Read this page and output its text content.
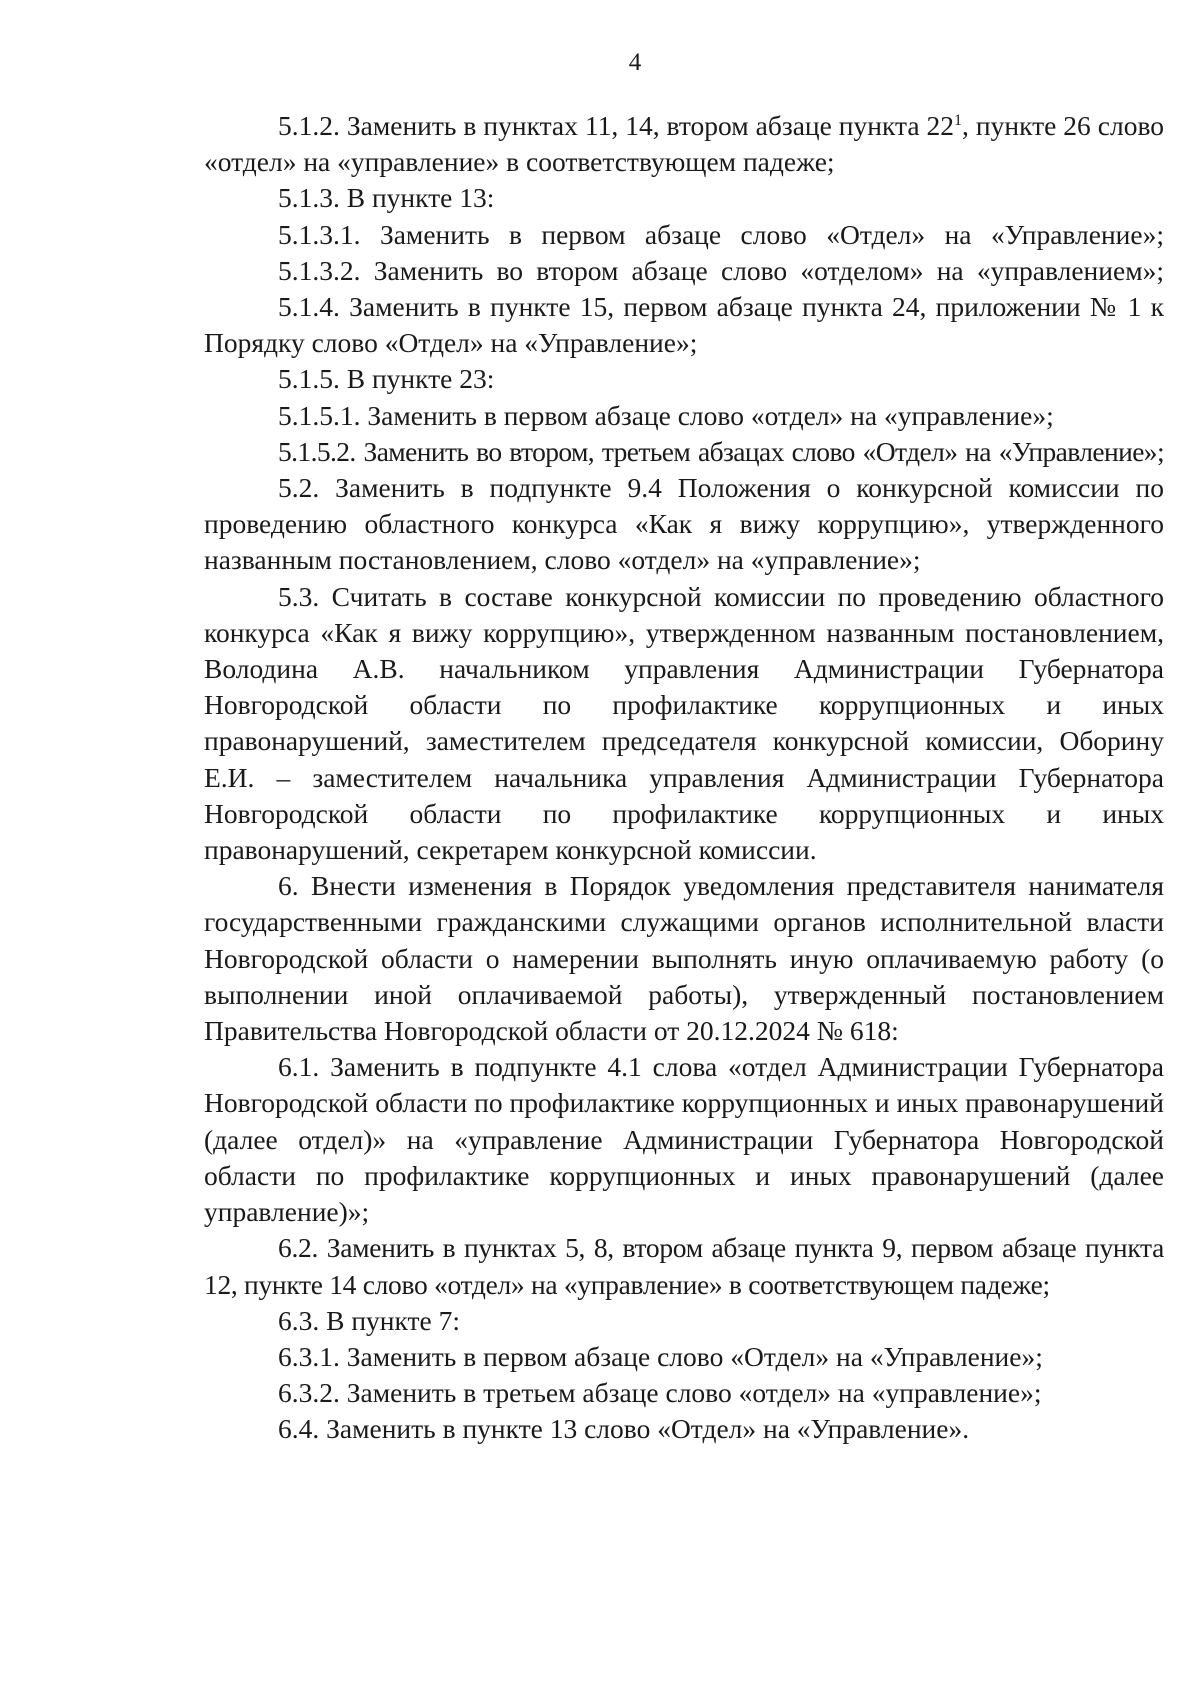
4

5.1.2. Заменить в пунктах 11, 14, втором абзаце пункта $22^1$, пункте 26 слово «отдел» на «управление» в соответствующем падеже;

5.1.3. В пункте 13:

5.1.3.1. Заменить в первом абзаце слово «Отдел» на «Управление»;

5.1.3.2. Заменить во втором абзаце слово «отделом» на «управлением»;

5.1.4. Заменить в пункте 15, первом абзаце пункта 24, приложении № 1 к Порядку слово «Отдел» на «Управление»;

5.1.5. В пункте 23:

5.1.5.1. Заменить в первом абзаце слово «отдел» на «управление»;

5.1.5.2. Заменить во втором, третьем абзацах слово «Отдел» на «Управление»;

5.2. Заменить в подпункте 9.4 Положения о конкурсной комиссии по проведению областного конкурса «Как я вижу коррупцию», утвержденного названным постановлением, слово «отдел» на «управление»;

5.3. Считать в составе конкурсной комиссии по проведению областного конкурса «Как я вижу коррупцию», утвержденном названным постановлением, Володина А.В. начальником управления Администрации Губернатора Новгородской области по профилактике коррупционных и иных правонарушений, заместителем председателя конкурсной комиссии, Оборину Е.И. – заместителем начальника управления Администрации Губернатора Новгородской области по профилактике коррупционных и иных правонарушений, секретарем конкурсной комиссии.

6. Внести изменения в Порядок уведомления представителя нанимателя государственными гражданскими служащими органов исполнительной власти Новгородской области о намерении выполнять иную оплачиваемую работу (о выполнении иной оплачиваемой работы), утвержденный постановлением Правительства Новгородской области от 20.12.2024 № 618:

6.1. Заменить в подпункте 4.1 слова «отдел Администрации Губернатора Новгородской области по профилактике коррупционных и иных правонарушений (далее отдел)» на «управление Администрации Губернатора Новгородской области по профилактике коррупционных и иных правонарушений (далее управление)»;

6.2. Заменить в пунктах 5, 8, втором абзаце пункта 9, первом абзаце пункта 12, пункте 14 слово «отдел» на «управление» в соответствующем падеже;

6.3. В пункте 7:

6.3.1. Заменить в первом абзаце слово «Отдел» на «Управление»;

6.3.2. Заменить в третьем абзаце слово «отдел» на «управление»;

6.4. Заменить в пункте 13 слово «Отдел» на «Управление».
